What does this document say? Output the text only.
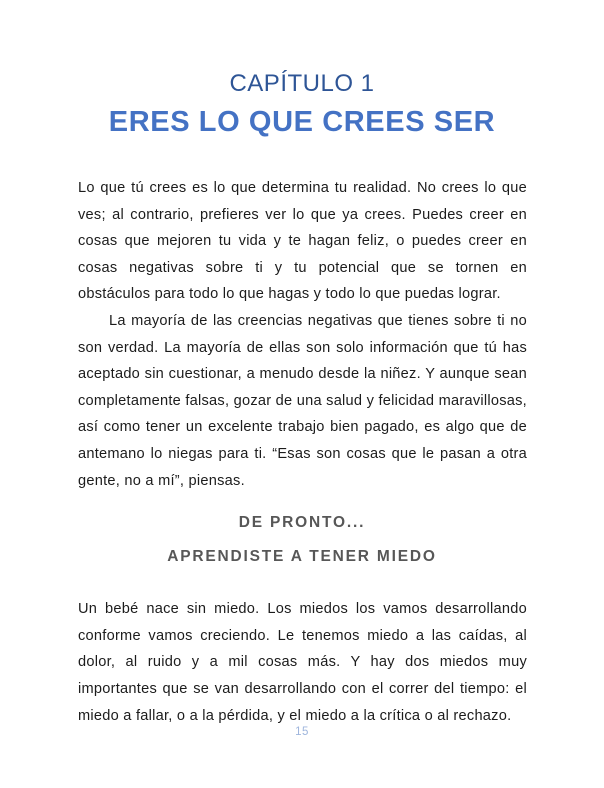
CAPÍTULO 1
ERES LO QUE CREES SER

Lo que tú crees es lo que determina tu realidad. No crees lo que ves; al contrario, prefieres ver lo que ya crees. Puedes creer en cosas que mejoren tu vida y te hagan feliz, o puedes creer en cosas negativas sobre ti y tu potencial que se tornen en obstáculos para todo lo que hagas y todo lo que puedas lograr.

La mayoría de las creencias negativas que tienes sobre ti no son verdad. La mayoría de ellas son solo información que tú has aceptado sin cuestionar, a menudo desde la niñez. Y aunque sean completamente falsas, gozar de una salud y felicidad maravillosas, así como tener un excelente trabajo bien pagado, es algo que de antemano lo niegas para ti. “Esas son cosas que le pasan a otra gente, no a mí”, piensas.

DE PRONTO...
APRENDISTE A TENER MIEDO

Un bebé nace sin miedo. Los miedos los vamos desarrollando conforme vamos creciendo. Le tenemos miedo a las caídas, al dolor, al ruido y a mil cosas más. Y hay dos miedos muy importantes que se van desarrollando con el correr del tiempo: el miedo a fallar, o a la pérdida, y el miedo a la crítica o al rechazo.

15
